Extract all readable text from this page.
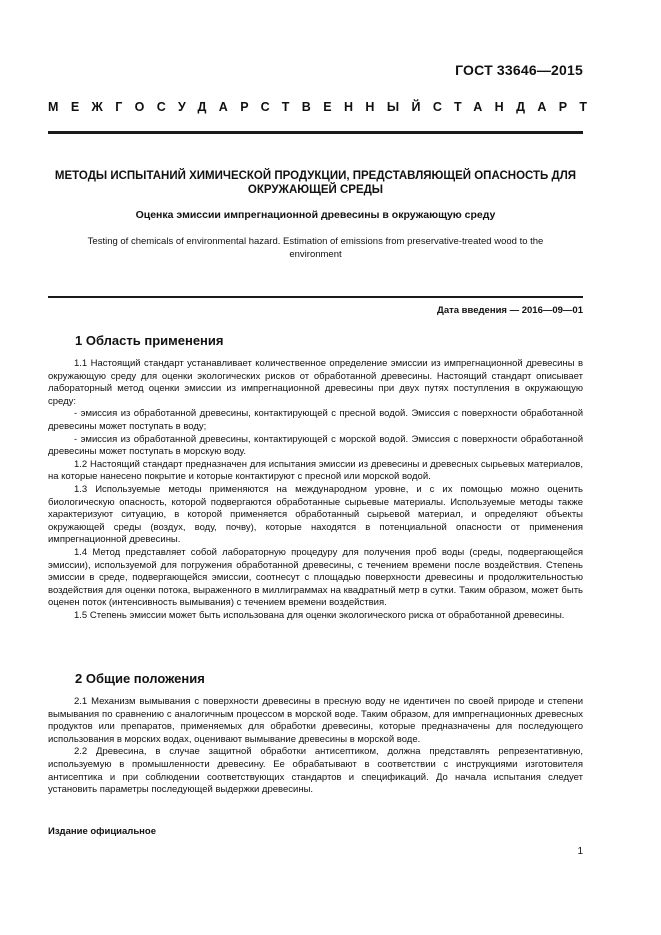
ГОСТ 33646—2015
МЕЖГОСУДАРСТВЕННЫЙ СТАНДАРТ
МЕТОДЫ ИСПЫТАНИЙ ХИМИЧЕСКОЙ ПРОДУКЦИИ, ПРЕДСТАВЛЯЮЩЕЙ ОПАСНОСТЬ ДЛЯ ОКРУЖАЮЩЕЙ СРЕДЫ
Оценка эмиссии импрегнационной древесины в окружающую среду
Testing of chemicals of environmental hazard. Estimation of emissions from preservative-treated wood to the environment
Дата введения — 2016—09—01
1 Область применения

1.1 Настоящий стандарт устанавливает количественное определение эмиссии из импрегнационной древесины в окружающую среду для оценки экологических рисков от обработанной древесины. Настоящий стандарт описывает лабораторный метод оценки эмиссии из импрегнационной древесины при двух путях поступления в окружающую среду:

- эмиссия из обработанной древесины, контактирующей с пресной водой. Эмиссия с поверхности обработанной древесины может поступать в воду;

- эмиссия из обработанной древесины, контактирующей с морской водой. Эмиссия с поверхности обработанной древесины может поступать в морскую воду.

1.2 Настоящий стандарт предназначен для испытания эмиссии из древесины и древесных сырьевых материалов, на которые нанесено покрытие и которые контактируют с пресной или морской водой.

1.3 Используемые методы применяются на международном уровне, и с их помощью можно оценить биологическую опасность, которой подвергаются обработанные сырьевые материалы. Используемые методы также характеризуют ситуацию, в которой применяется обработанный сырьевой материал, и определяют объекты окружающей среды (воздух, воду, почву), которые находятся в потенциальной опасности от применения импрегнационной древесины.

1.4 Метод представляет собой лабораторную процедуру для получения проб воды (среды, подвергающейся эмиссии), используемой для погружения обработанной древесины, с течением времени после воздействия. Степень эмиссии в среде, подвергающейся эмиссии, соотнесут с площадью поверхности древесины и продолжительностью воздействия для оценки потока, выраженного в миллиграммах на квадратный метр в сутки. Таким образом, может быть оценен поток (интенсивность вымывания) с течением времени воздействия.

1.5 Степень эмиссии может быть использована для оценки экологического риска от обработанной древесины.

2 Общие положения

2.1 Механизм вымывания с поверхности древесины в пресную воду не идентичен по своей природе и степени вымывания по сравнению с аналогичным процессом в морской воде. Таким образом, для импрегнационных древесных продуктов или препаратов, применяемых для обработки древесины, которые предназначены для последующего использования в морских водах, оценивают вымывание древесины в морской воде.

2.2 Древесина, в случае защитной обработки антисептиком, должна представлять репрезентативную, используемую в промышленности древесину. Ее обрабатывают в соответствии с инструкциями изготовителя антисептика и при соблюдении соответствующих стандартов и спецификаций. До начала испытания следует установить параметры последующей выдержки древесины.

Издание официальное
1
